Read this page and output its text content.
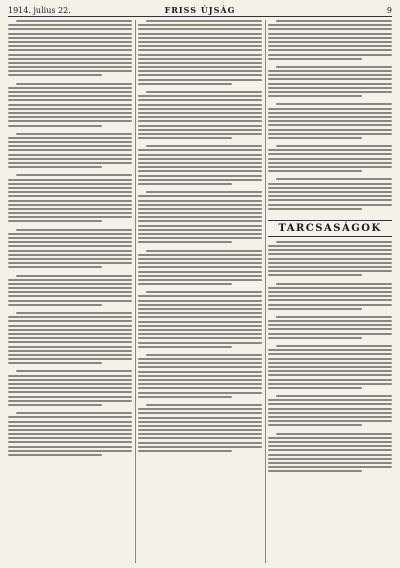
1914. julius 22.	FRISS ÚJSÁG	9
TARCSASÁGOK
